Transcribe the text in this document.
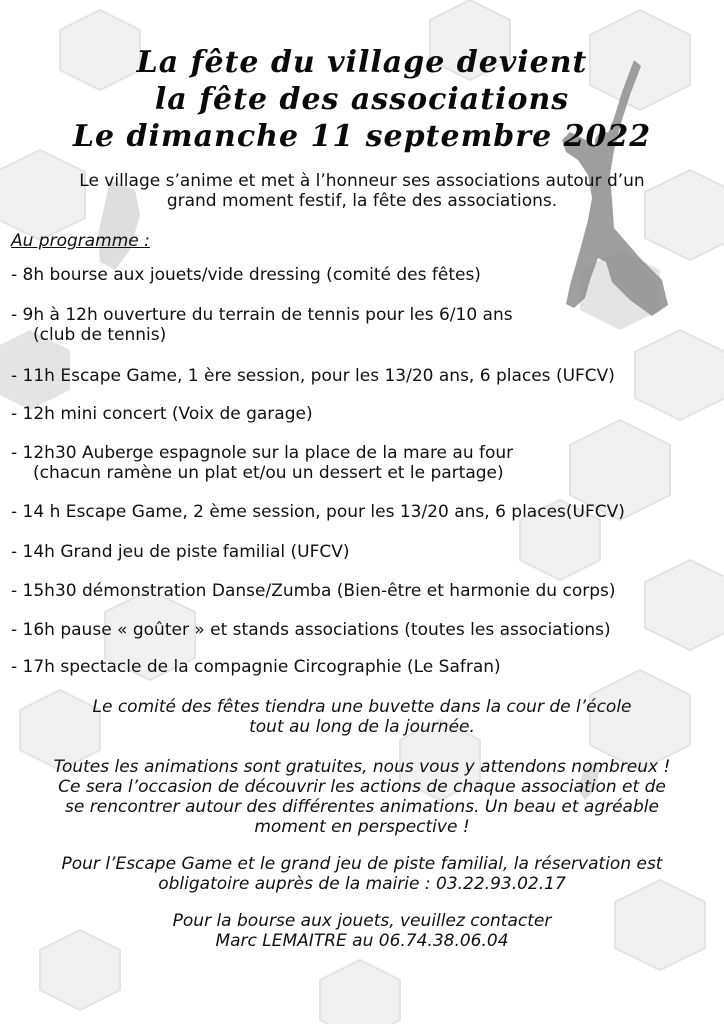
La fête du village devient
la fête des associations
Le dimanche 11 septembre 2022
Le village s’anime et met à l’honneur ses associations autour d’un
grand moment festif, la fête des associations.
Au programme :
- 8h bourse aux jouets/vide dressing (comité des fêtes)
- 9h à 12h ouverture du terrain de tennis pour les 6/10 ans
(club de tennis)
- 11h Escape Game, 1 ère session, pour les 13/20 ans, 6 places (UFCV)
- 12h mini concert (Voix de garage)
- 12h30 Auberge espagnole sur la place de la mare au four
(chacun ramène un plat et/ou un dessert et le partage)
- 14 h Escape Game, 2 ème session, pour les 13/20 ans, 6 places(UFCV)
- 14h Grand jeu de piste familial (UFCV)
- 15h30 démonstration Danse/Zumba (Bien-être et harmonie du corps)
- 16h pause « goûter » et stands associations (toutes les associations)
- 17h spectacle de la compagnie Circographie (Le Safran)
Le comité des fêtes tiendra une buvette dans la cour de l’école
tout au long de la journée.
Toutes les animations sont gratuites, nous vous y attendons nombreux !
Ce sera l’occasion de découvrir les actions de chaque association et de
se rencontrer autour des différentes animations. Un beau et agréable
moment en perspective !
Pour l’Escape Game et le grand jeu de piste familial, la réservation est
obligatoire auprès de la mairie : 03.22.93.02.17
Pour la bourse aux jouets, veuillez contacter
Marc LEMAITRE au 06.74.38.06.04
